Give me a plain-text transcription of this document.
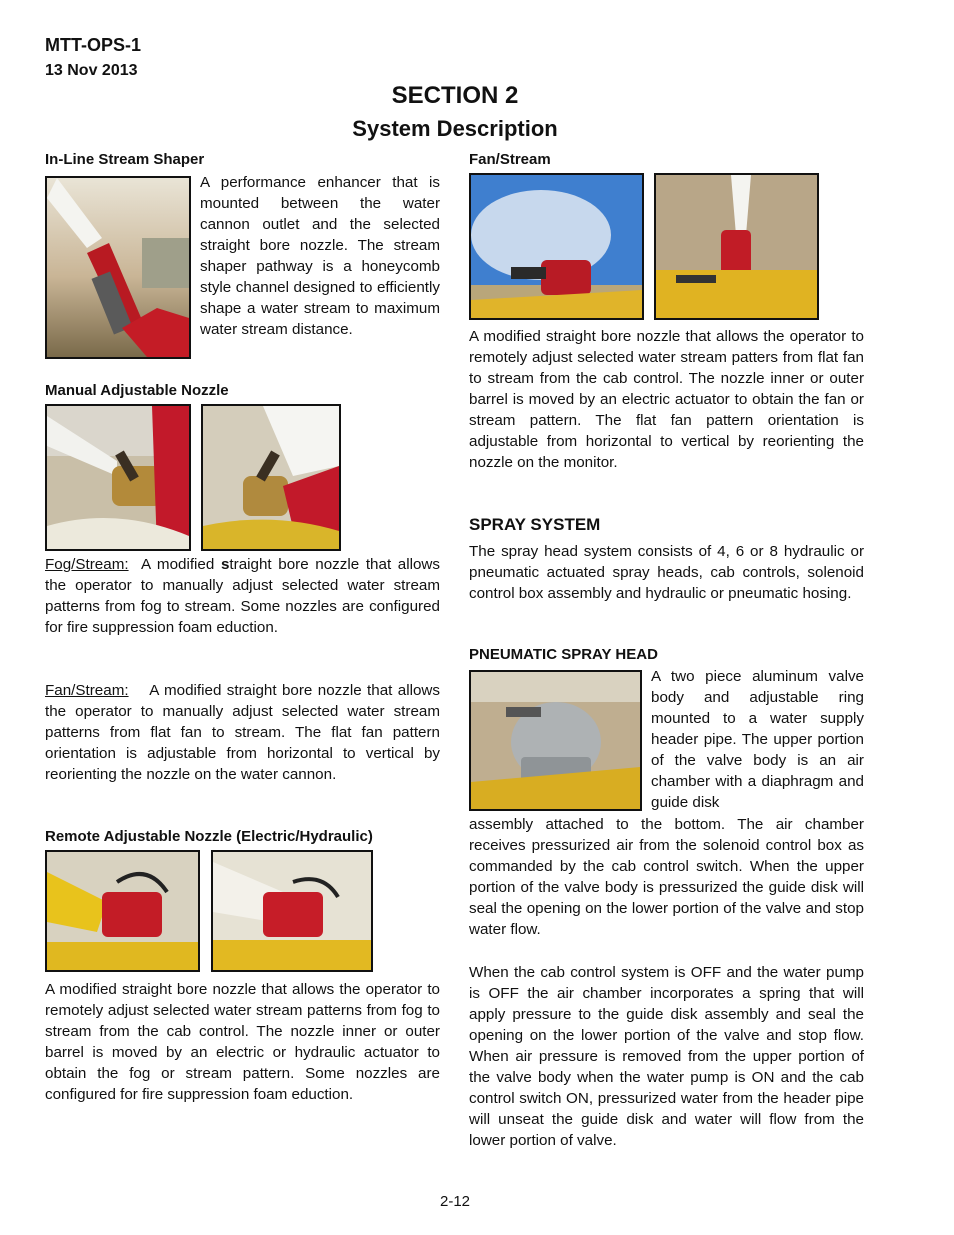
MTT-OPS-1
13 Nov 2013
SECTION 2
System Description
In-Line Stream Shaper
A performance enhancer that is mounted between the water cannon outlet and the selected straight bore nozzle. The stream shaper pathway is a honeycomb style channel designed to efficiently shape a water stream to maximum water stream distance.
Manual Adjustable Nozzle
Fog/Stream: A modified straight bore nozzle that allows the operator to manually adjust selected water stream patterns from fog to stream. Some nozzles are configured for fire suppression foam eduction.
Fan/Stream: A modified straight bore nozzle that allows the operator to manually adjust selected water stream patterns from flat fan to stream. The flat fan pattern orientation is adjustable from horizontal to vertical by reorienting the nozzle on the water cannon.
Remote Adjustable Nozzle (Electric/Hydraulic)
A modified straight bore nozzle that allows the operator to remotely adjust selected water stream patterns from fog to stream from the cab control. The nozzle inner or outer barrel is moved by an electric or hydraulic actuator to obtain the fog or stream pattern. Some nozzles are configured for fire suppression foam eduction.
Fan/Stream
A modified straight bore nozzle that allows the operator to remotely adjust selected water stream patters from flat fan to stream from the cab control. The nozzle inner or outer barrel is moved by an electric actuator to obtain the fan or stream pattern. The flat fan pattern orientation is adjustable from horizontal to vertical by reorienting the nozzle on the monitor.
SPRAY SYSTEM
The spray head system consists of 4, 6 or 8 hydraulic or pneumatic actuated spray heads, cab controls, solenoid control box assembly and hydraulic or pneumatic hosing.
PNEUMATIC SPRAY HEAD
A two piece aluminum valve body and adjustable ring mounted to a water supply header pipe. The upper portion of the valve body is an air chamber with a diaphragm and guide disk
assembly attached to the bottom. The air chamber receives pressurized air from the solenoid control box as commanded by the cab control switch. When the upper portion of the valve body is pressurized the guide disk will seal the opening on the lower portion of the valve and stop water flow.
When the cab control system is OFF and the water pump is OFF the air chamber incorporates a spring that will apply pressure to the guide disk assembly and seal the opening on the lower portion of the valve and stop flow. When air pressure is removed from the upper portion of the valve body when the water pump is ON and the cab control switch ON, pressurized water from the header pipe will unseat the guide disk and water will flow from the lower portion of valve.
2-12
